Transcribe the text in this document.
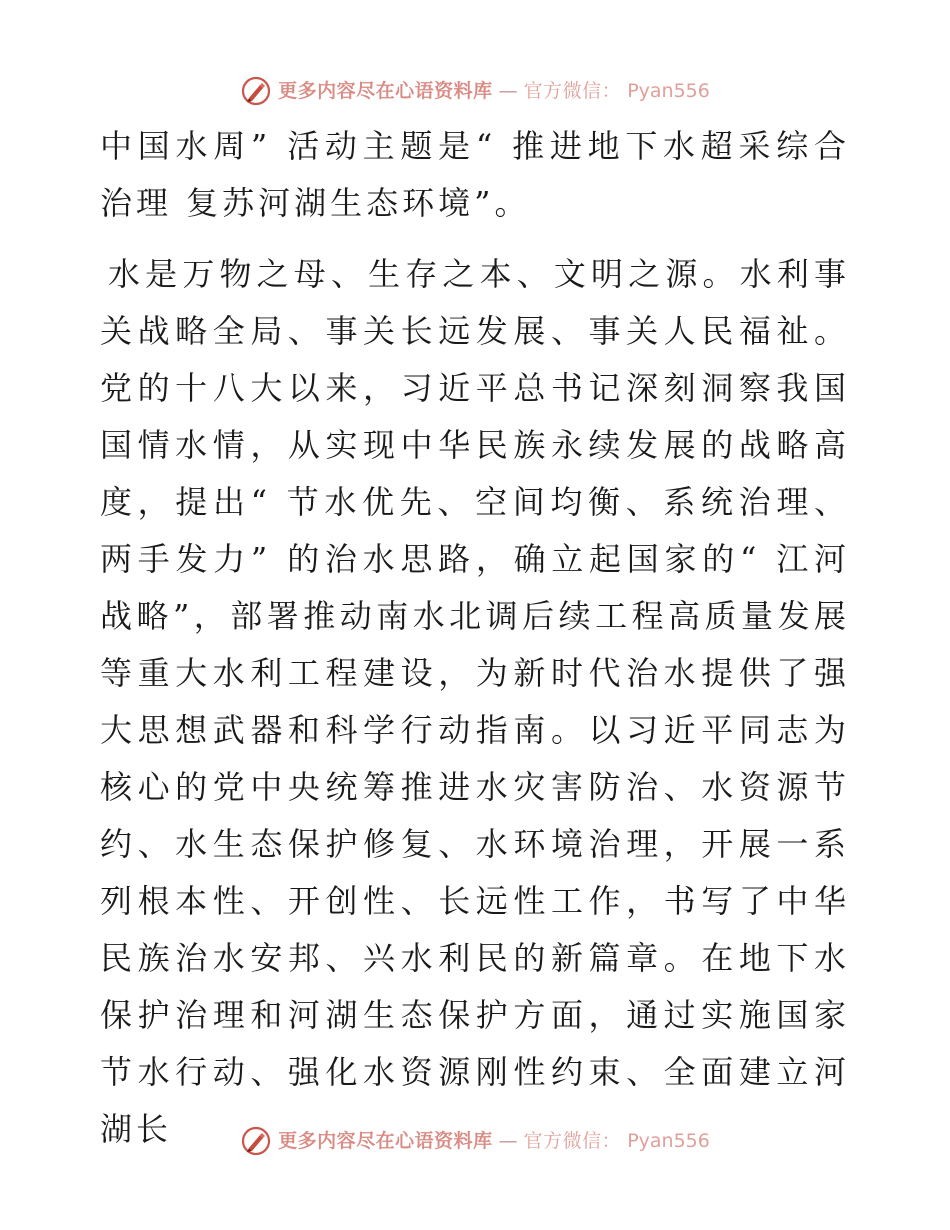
更多内容尽在心语资料库 — 官方微信： Pyan556

中国水周” 活动主题是“ 推进地下水超采综合治理 复苏河湖生态环境”。

水是万物之母、生存之本、文明之源。水利事关战略全局、事关长远发展、事关人民福祉。党的十八大以来，习近平总书记深刻洞察我国国情水情，从实现中华民族永续发展的战略高度，提出“ 节水优先、空间均衡、系统治理、两手发力” 的治水思路，确立起国家的“ 江河战略”，部署推动南水北调后续工程高质量发展等重大水利工程建设，为新时代治水提供了强大思想武器和科学行动指南。以习近平同志为核心的党中央统筹推进水灾害防治、水资源节约、水生态保护修复、水环境治理，开展一系列根本性、开创性、长远性工作，书写了中华民族治水安邦、兴水利民的新篇章。在地下水保护治理和河湖生态保护方面，通过实施国家节水行动、强化水资源刚性约束、全面建立河湖长	更多内容尽在心语资料库 — 官方微信： Pyan556
